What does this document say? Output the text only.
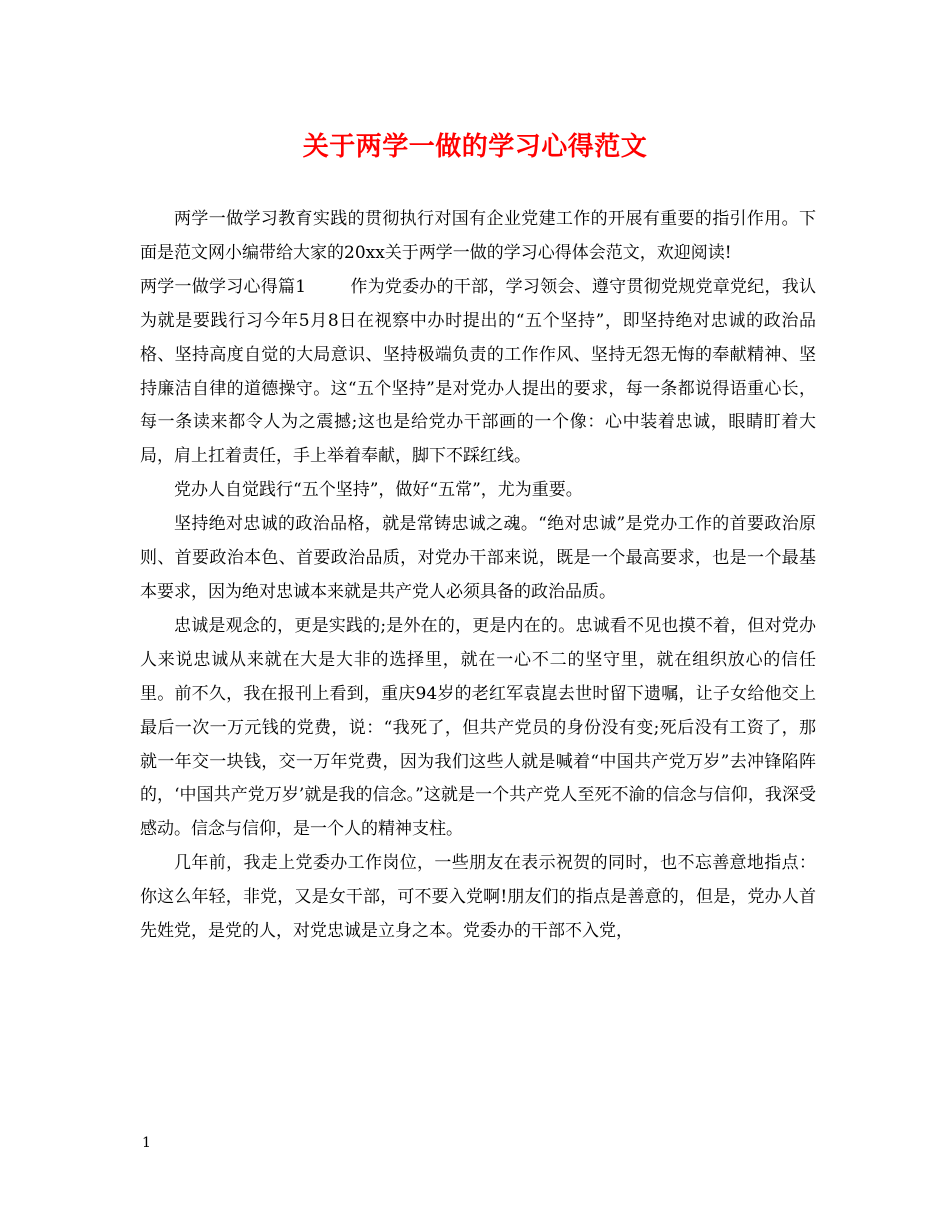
关于两学一做的学习心得范文

两学一做学习教育实践的贯彻执行对国有企业党建工作的开展有重要的指引作用。下面是范文网小编带给大家的20xx关于两学一做的学习心得体会范文，欢迎阅读!

两学一做学习心得篇1	作为党委办的干部，学习领会、遵守贯彻党规党章党纪，我认为就是要践行习今年5月8日在视察中办时提出的“五个坚持”，即坚持绝对忠诚的政治品格、坚持高度自觉的大局意识、坚持极端负责的工作作风、坚持无怨无悔的奉献精神、坚持廉洁自律的道德操守。这“五个坚持”是对党办人提出的要求，每一条都说得语重心长，每一条读来都令人为之震撼;这也是给党办干部画的一个像：心中装着忠诚，眼睛盯着大局，肩上扛着责任，手上举着奉献，脚下不踩红线。

党办人自觉践行“五个坚持”，做好“五常”，尤为重要。

坚持绝对忠诚的政治品格，就是常铸忠诚之魂。“绝对忠诚”是党办工作的首要政治原则、首要政治本色、首要政治品质，对党办干部来说，既是一个最高要求，也是一个最基本要求，因为绝对忠诚本来就是共产党人必须具备的政治品质。

忠诚是观念的，更是实践的;是外在的，更是内在的。忠诚看不见也摸不着，但对党办人来说忠诚从来就在大是大非的选择里，就在一心不二的坚守里，就在组织放心的信任里。前不久，我在报刊上看到，重庆94岁的老红军袁崑去世时留下遗嘱，让子女给他交上最后一次一万元钱的党费，说：“我死了，但共产党员的身份没有变;死后没有工资了，那就一年交一块钱，交一万年党费，因为我们这些人就是喊着“中国共产党万岁”去冲锋陷阵的，‘中国共产党万岁’就是我的信念。”这就是一个共产党人至死不渝的信念与信仰，我深受感动。信念与信仰，是一个人的精神支柱。

几年前，我走上党委办工作岗位，一些朋友在表示祝贺的同时，也不忘善意地指点：你这么年轻，非党，又是女干部，可不要入党啊!朋友们的指点是善意的，但是，党办人首先姓党，是党的人，对党忠诚是立身之本。党委办的干部不入党，

1
